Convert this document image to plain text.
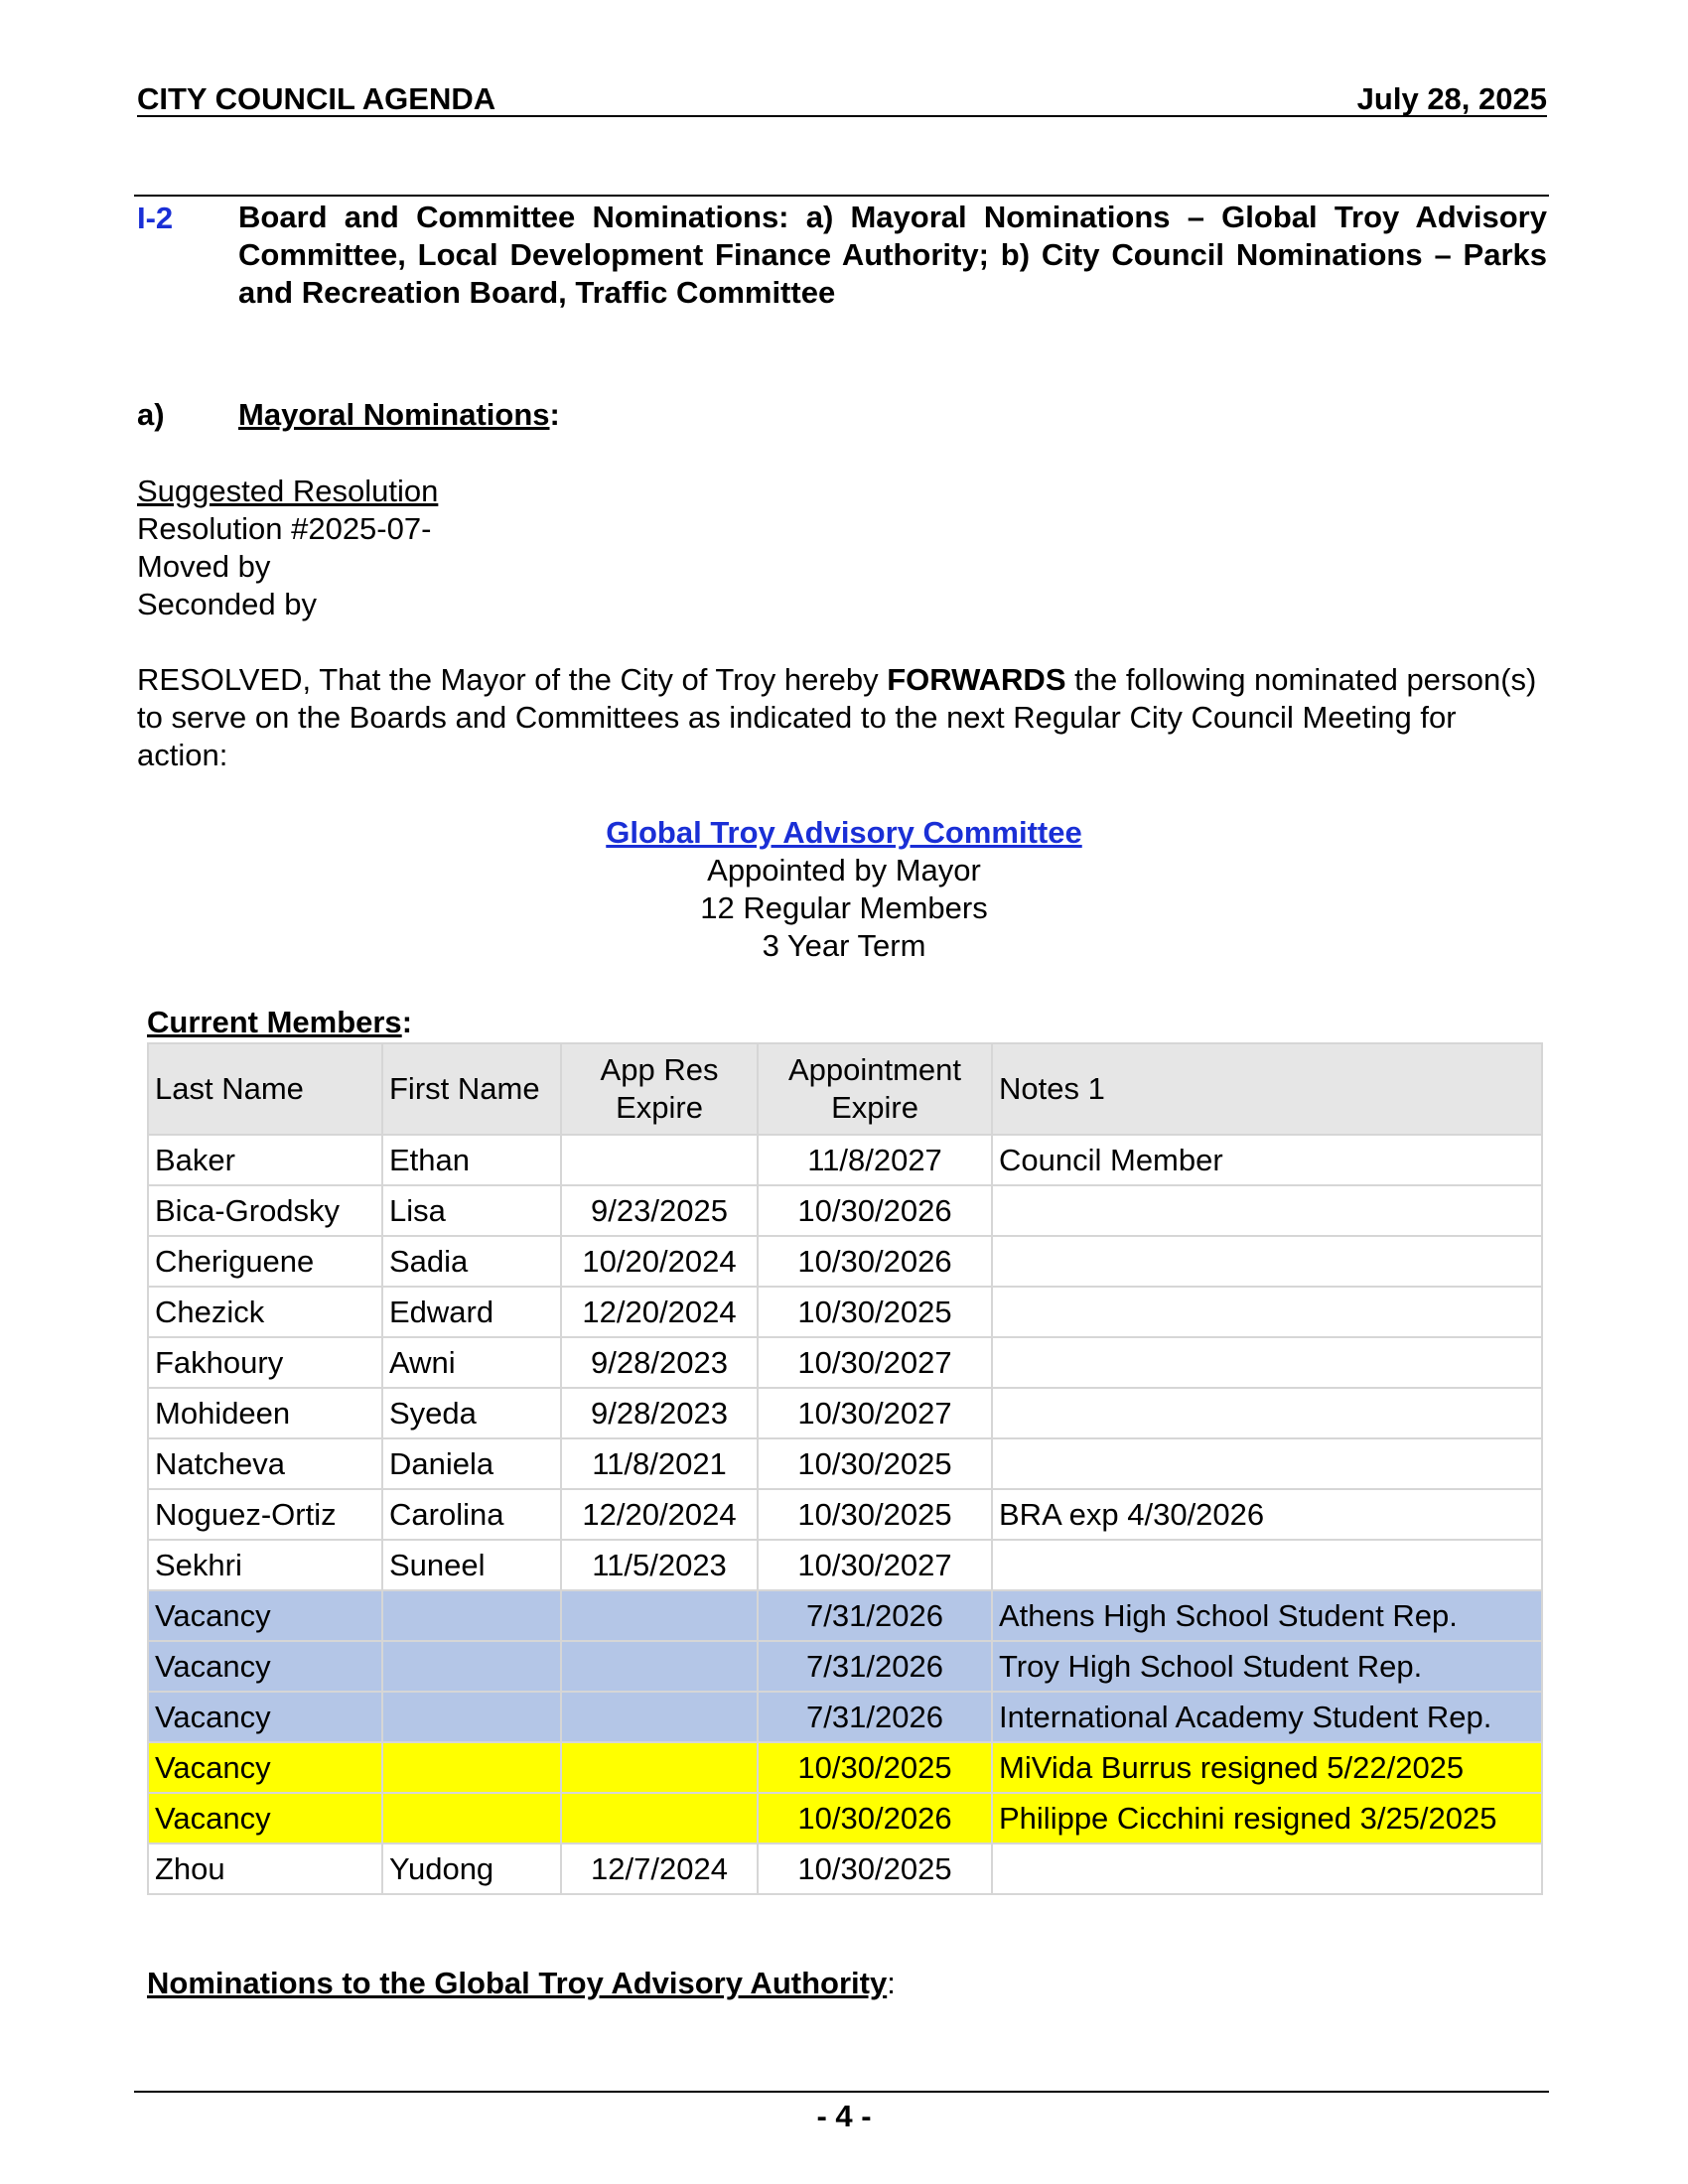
CITY COUNCIL AGENDA	July 28, 2025
I-2 Board and Committee Nominations: a) Mayoral Nominations – Global Troy Advisory Committee, Local Development Finance Authority; b) City Council Nominations – Parks and Recreation Board, Traffic Committee
a) Mayoral Nominations:
Suggested Resolution
Resolution #2025-07-
Moved by
Seconded by
RESOLVED, That the Mayor of the City of Troy hereby FORWARDS the following nominated person(s) to serve on the Boards and Committees as indicated to the next Regular City Council Meeting for action:
Global Troy Advisory Committee
Appointed by Mayor
12 Regular Members
3 Year Term
Current Members:
Last Name	First Name	App Res Expire	Appointment Expire	Notes 1
Baker	Ethan		11/8/2027	Council Member
Bica-Grodsky	Lisa	9/23/2025	10/30/2026	
Cheriguene	Sadia	10/20/2024	10/30/2026	
Chezick	Edward	12/20/2024	10/30/2025	
Fakhoury	Awni	9/28/2023	10/30/2027	
Mohideen	Syeda	9/28/2023	10/30/2027	
Natcheva	Daniela	11/8/2021	10/30/2025	
Noguez-Ortiz	Carolina	12/20/2024	10/30/2025	BRA exp 4/30/2026
Sekhri	Suneel	11/5/2023	10/30/2027	
Vacancy			7/31/2026	Athens High School Student Rep.
Vacancy			7/31/2026	Troy High School Student Rep.
Vacancy			7/31/2026	International Academy Student Rep.
Vacancy			10/30/2025	MiVida Burrus resigned 5/22/2025
Vacancy			10/30/2026	Philippe Cicchini resigned 3/25/2025
Zhou	Yudong	12/7/2024	10/30/2025	
Nominations to the Global Troy Advisory Authority:
- 4 -
